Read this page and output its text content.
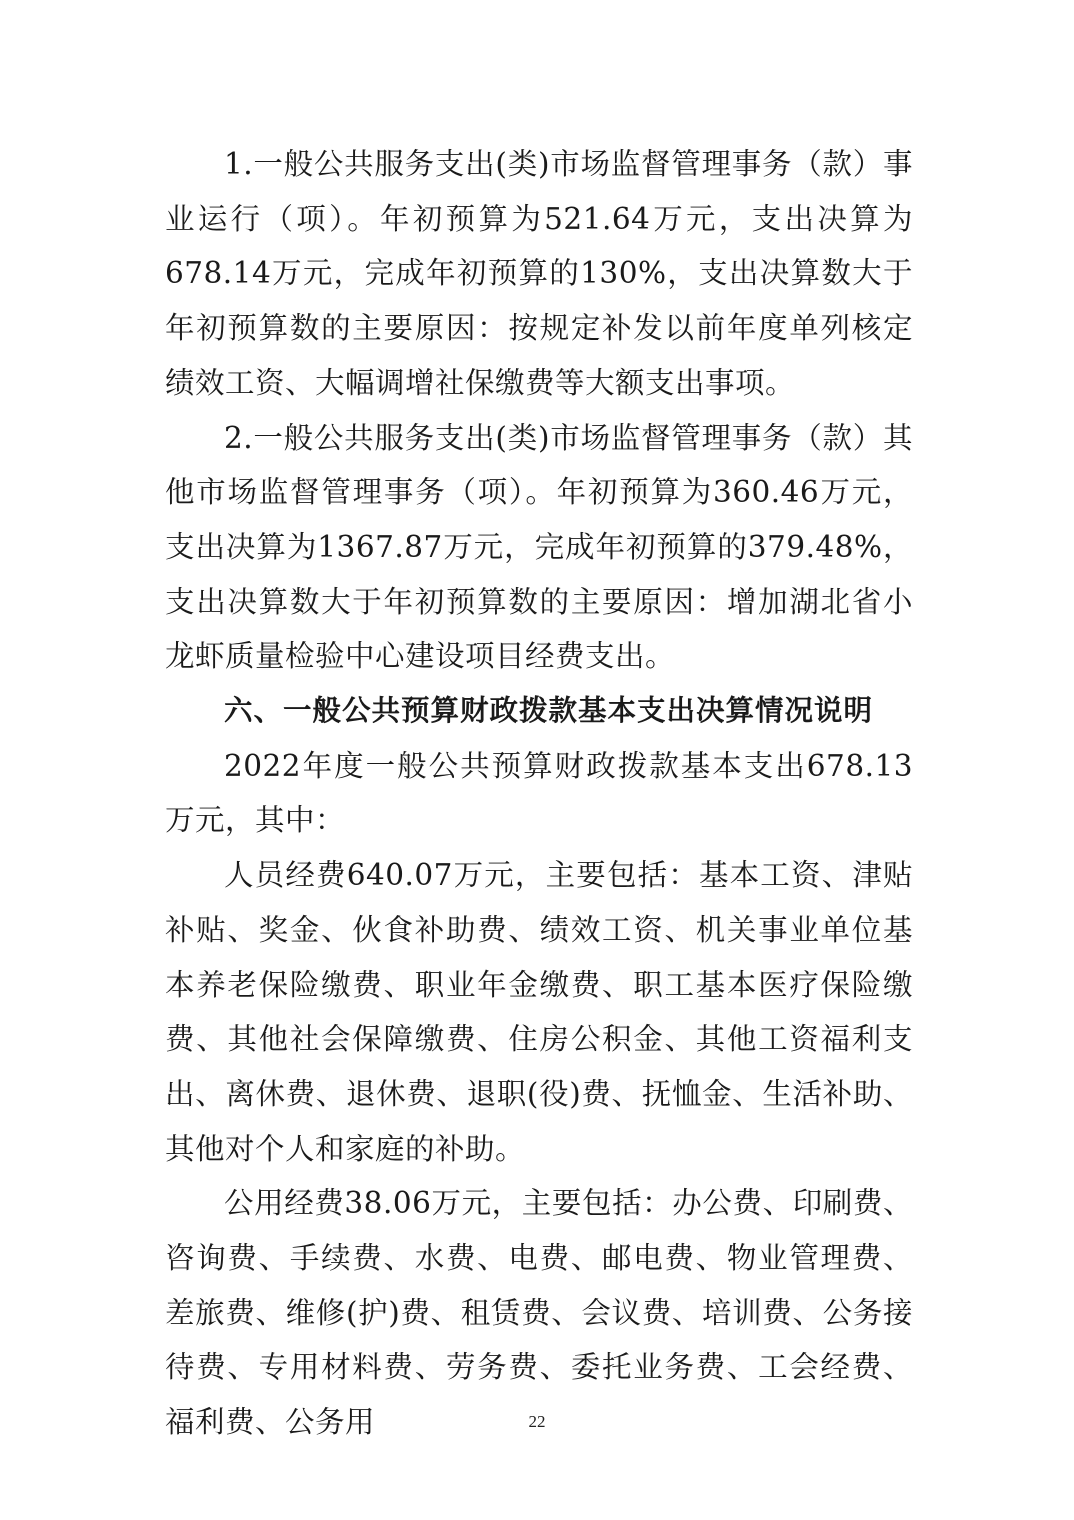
1.一般公共服务支出(类)市场监督管理事务（款）事业运行（项）。年初预算为521.64万元，支出决算为678.14万元，完成年初预算的130%，支出决算数大于年初预算数的主要原因：按规定补发以前年度单列核定绩效工资、大幅调增社保缴费等大额支出事项。

2.一般公共服务支出(类)市场监督管理事务（款）其他市场监督管理事务（项）。年初预算为360.46万元，支出决算为1367.87万元，完成年初预算的379.48%，支出决算数大于年初预算数的主要原因：增加湖北省小龙虾质量检验中心建设项目经费支出。

六、一般公共预算财政拨款基本支出决算情况说明

2022年度一般公共预算财政拨款基本支出678.13万元，其中：

人员经费640.07万元，主要包括：基本工资、津贴补贴、奖金、伙食补助费、绩效工资、机关事业单位基本养老保险缴费、职业年金缴费、职工基本医疗保险缴费、其他社会保障缴费、住房公积金、其他工资福利支出、离休费、退休费、退职(役)费、抚恤金、生活补助、其他对个人和家庭的补助。

公用经费38.06万元，主要包括：办公费、印刷费、咨询费、手续费、水费、电费、邮电费、物业管理费、差旅费、维修(护)费、租赁费、会议费、培训费、公务接待费、专用材料费、劳务费、委托业务费、工会经费、福利费、公务用	22
